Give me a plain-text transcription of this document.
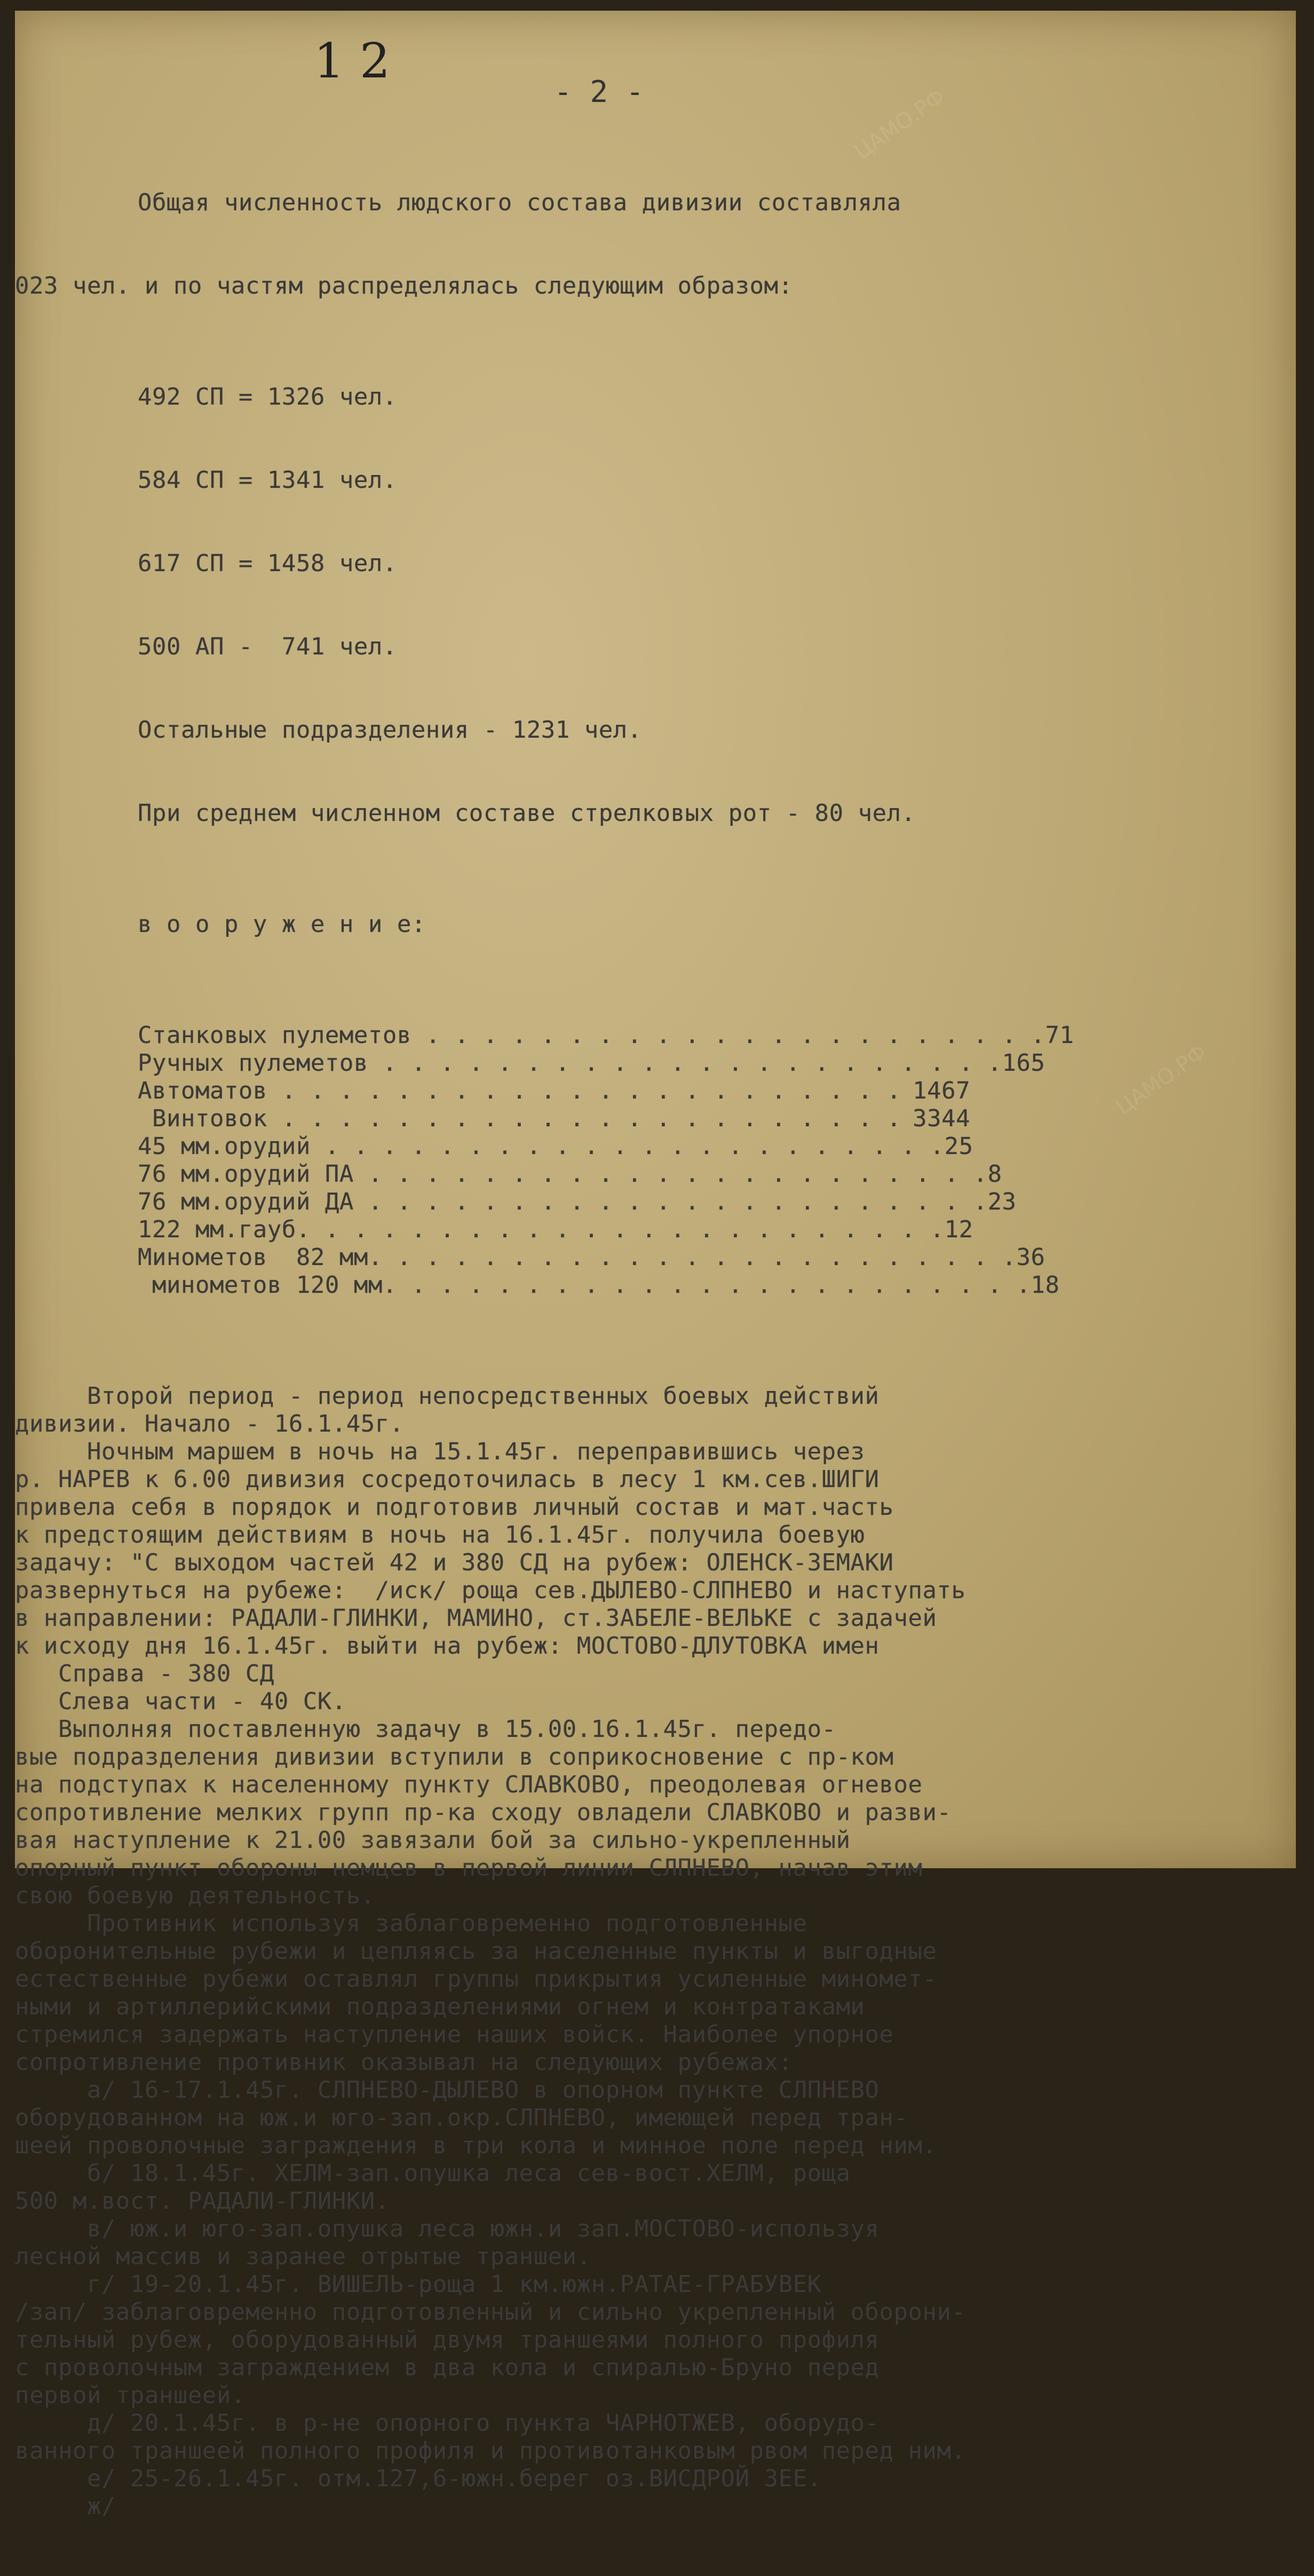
1 2
- 2 -	ЦАМО.РФ
ЦАМО.РФ

Общая численность людского состава дивизии составляла

023 чел. и по частям распределялась следующим образом:

492 СП = 1326 чел.

584 СП = 1341 чел.

617 СП = 1458 чел.

500 АП -  741 чел.

Остальные подразделения - 1231 чел.

При среднем численном составе стрелковых рот - 80 чел.

в о о р у ж е н и е:

Станковых пулеметов . . . . . . . . . . . . . . . . . . . . . . 71
Ручных пулеметов . . . . . . . . . . . . . . . . . . . . . . 165
Автоматов . . . . . . . . . . . . . . . . . . . . . . 1467
Винтовок . . . . . . . . . . . . . . . . . . . . . . 3344
45 мм.орудий . . . . . . . . . . . . . . . . . . . . . . 25
76 мм.орудий ПА . . . . . . . . . . . . . . . . . . . . . . 8
76 мм.орудий ДА . . . . . . . . . . . . . . . . . . . . . . 23
122 мм.гауб. . . . . . . . . . . . . . . . . . . . . . . 12
Минометов  82 мм. . . . . . . . . . . . . . . . . . . . . . . 36
минометов 120 мм. . . . . . . . . . . . . . . . . . . . . . . 18

Второй период - период непосредственных боевых действий
дивизии. Начало - 16.1.45г.
Ночным маршем в ночь на 15.1.45г. переправившись через
р. НАРЕВ к 6.00 дивизия сосредоточилась в лесу 1 км.сев.ШИГИ
привела себя в порядок и подготовив личный состав и мат.часть
к предстоящим действиям в ночь на 16.1.45г. получила боевую
задачу: "С выходом частей 42 и 380 СД на рубеж: ОЛЕНСК-ЗЕМАКИ
развернуться на рубеже:  /иск/ роща сев.ДЫЛЕВО-СЛПНЕВО и наступать
в направлении: РАДАЛИ-ГЛИНКИ, МАМИНО, ст.ЗАБЕЛЕ-ВЕЛЬКЕ с задачей
к исходу дня 16.1.45г. выйти на рубеж: МОСТОВО-ДЛУТОВКА имен
Справа - 380 СД
Слева части - 40 СК.
Выполняя поставленную задачу в 15.00.16.1.45г. передо-
вые подразделения дивизии вступили в соприкосновение с пр-ком
на подступах к населенному пункту СЛАВКОВО, преодолевая огневое
сопротивление мелких групп пр-ка сходу овладели СЛАВКОВО и разви-
вая наступление к 21.00 завязали бой за сильно-укрепленный
опорный пункт обороны немцев в первой линии СЛПНЕВО, начав этим
свою боевую деятельность.
Противник используя заблаговременно подготовленные
оборонительные рубежи и цепляясь за населенные пункты и выгодные
естественные рубежи оставлял группы прикрытия усиленные миномет-
ными и артиллерийскими подразделениями огнем и контратаками
стремился задержать наступление наших войск. Наиболее упорное
сопротивление противник оказывал на следующих рубежах:
а/ 16-17.1.45г. СЛПНЕВО-ДЫЛЕВО в опорном пункте СЛПНЕВО
оборудованном на юж.и юго-зап.окр.СЛПНЕВО, имеющей перед тран-
шеей проволочные заграждения в три кола и минное поле перед ним.
б/ 18.1.45г. ХЕЛМ-зап.опушка леса сев-вост.ХЕЛМ, роща
500 м.вост. РАДАЛИ-ГЛИНКИ.
в/ юж.и юго-зап.опушка леса южн.и зап.МОСТОВО-используя
лесной массив и заранее отрытые траншеи.
г/ 19-20.1.45г. ВИШЕЛЬ-роща 1 км.южн.РАТАЕ-ГРАБУВЕК
/зап/ заблаговременно подготовленный и сильно укрепленный оборони-
тельный рубеж, оборудованный двумя траншеями полного профиля
с проволочным заграждением в два кола и спиралью-Бруно перед
первой траншеей.
д/ 20.1.45г. в р-не опорного пункта ЧАРНОТЖЕВ, оборудо-
ванного траншеей полного профиля и противотанковым рвом перед ним.
е/ 25-26.1.45г. отм.127,6-южн.берег оз.ВИСДРОЙ ЗЕЕ.
ж/
